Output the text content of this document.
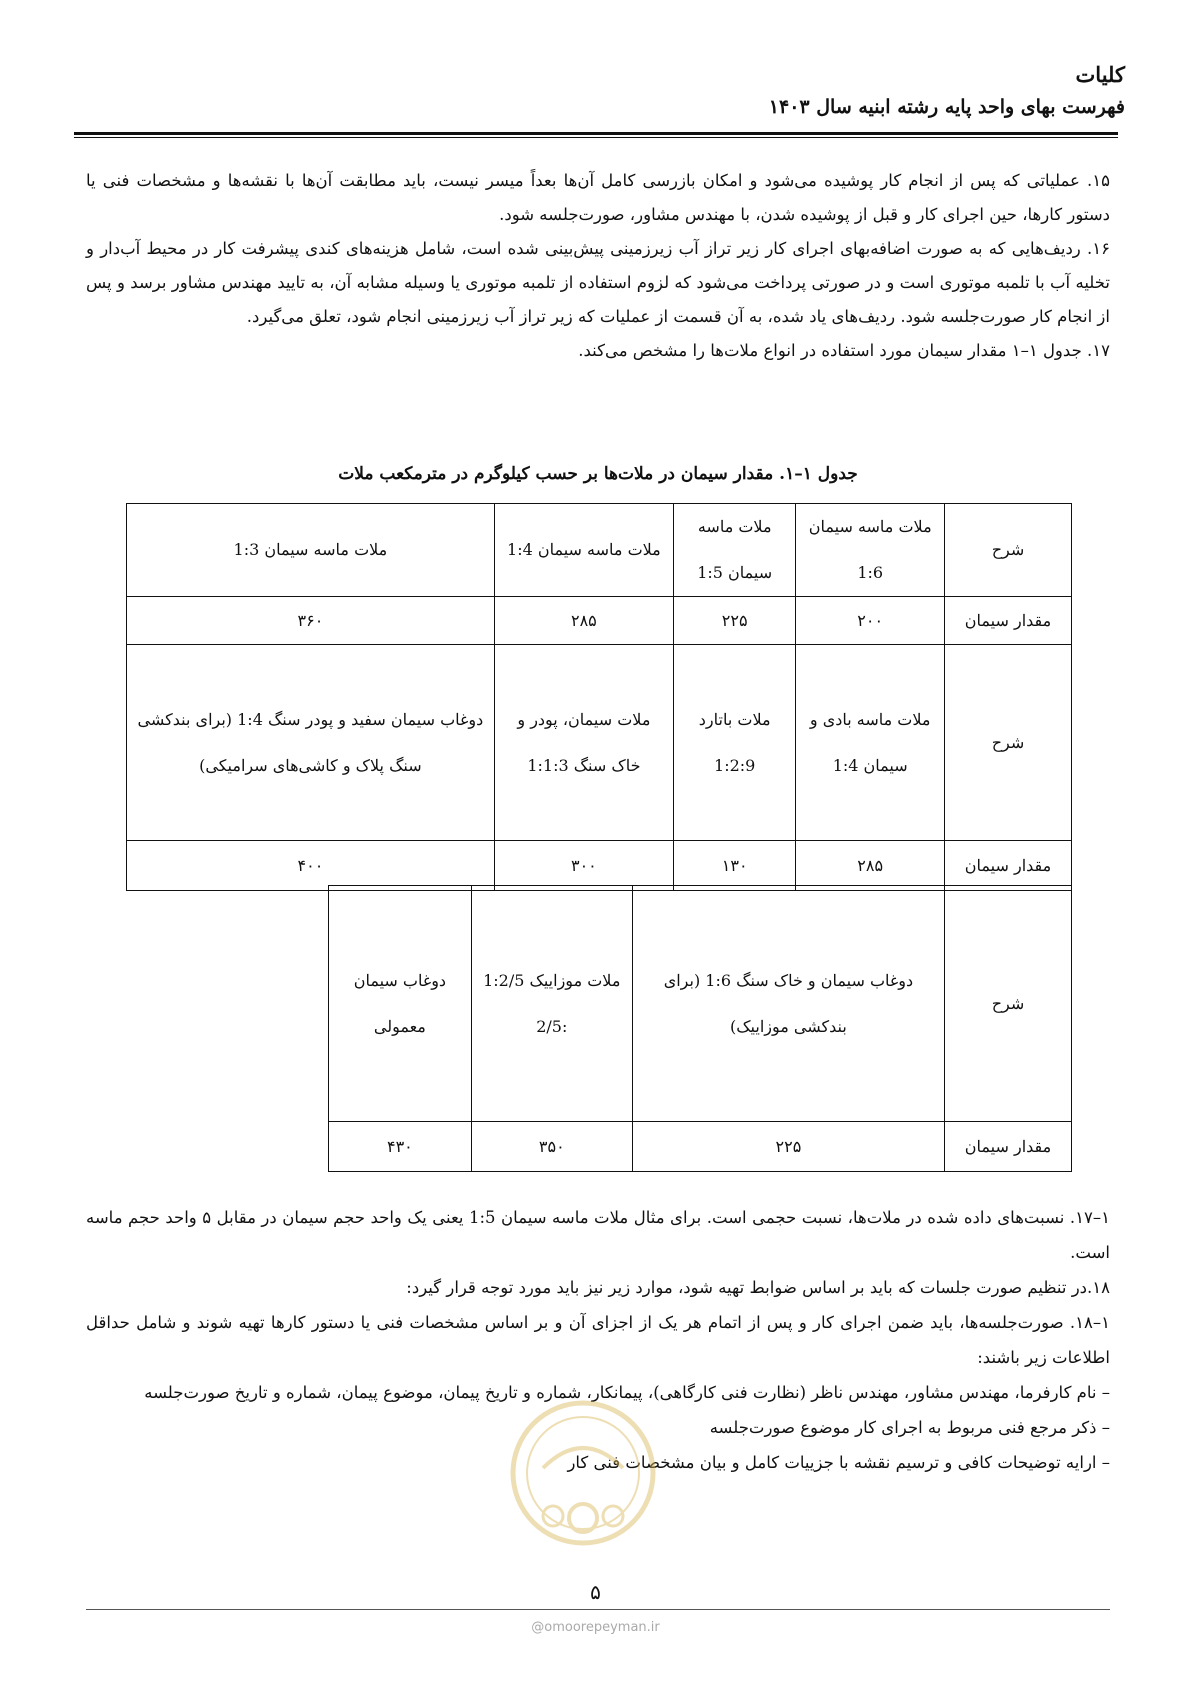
کلیات
فهرست بهای واحد پایه رشته ابنیه سال ۱۴۰۳

۱۵. عملیاتی که پس از انجام کار پوشیده می‌شود و امکان بازرسی کامل آن‌ها بعداً میسر نیست، باید مطابقت آن‌ها با نقشه‌ها و مشخصات فنی یا دستور کارها، حین اجرای کار و قبل از پوشیده شدن، با مهندس مشاور، صورت‌جلسه شود.

۱۶. ردیف‌هایی که به صورت اضافه‌بهای اجرای کار زیر تراز آب زیرزمینی پیش‌بینی شده است، شامل هزینه‌های کندی پیشرفت کار در محیط آب‌دار و تخلیه آب با تلمبه موتوری است و در صورتی پرداخت می‌شود که لزوم استفاده از تلمبه موتوری یا وسیله مشابه آن، به تایید مهندس مشاور برسد و پس از انجام کار صورت‌جلسه شود. ردیف‌های یاد شده، به آن قسمت از عملیات که زیر تراز آب زیرزمینی انجام شود، تعلق می‌گیرد.

۱۷. جدول ۱–۱ مقدار سیمان مورد استفاده در انواع ملات‌ها را مشخص می‌کند.

جدول ۱–۱. مقدار سیمان در ملات‌ها بر حسب کیلوگرم در مترمکعب ملات
شرح	ملات ماسه سیمان 1:6	ملات ماسه سیمان 1:5	ملات ماسه سیمان 1:4	ملات ماسه سیمان 1:3
مقدار سیمان	۲۰۰	۲۲۵	۲۸۵	۳۶۰
شرح	ملات ماسه بادی و سیمان 1:4	ملات باتارد 1:2:9	ملات سیمان، پودر و خاک سنگ 1:1:3	دوغاب سیمان سفید و پودر سنگ 1:4 (برای بندکشی سنگ پلاک و کاشی‌های سرامیکی)
مقدار سیمان	۲۸۵	۱۳۰	۳۰۰	۴۰۰
شرح	دوغاب سیمان و خاک سنگ 1:6 (برای بندکشی موزاییک)	ملات موزاییک 1:2/5 :2/5	دوغاب سیمان معمولی
مقدار سیمان	۲۲۵	۳۵۰	۴۳۰

۱–۱۷. نسبت‌های داده شده در ملات‌ها، نسبت حجمی است. برای مثال ملات ماسه سیمان 1:5 یعنی یک واحد حجم سیمان در مقابل ۵ واحد حجم ماسه است.

۱۸.در تنظیم صورت جلسات که باید بر اساس ضوابط تهیه شود، موارد زیر نیز باید مورد توجه قرار گیرد:

۱–۱۸. صورت‌جلسه‌ها، باید ضمن اجرای کار و پس از اتمام هر یک از اجزای آن و بر اساس مشخصات فنی یا دستور کارها تهیه شوند و شامل حداقل اطلاعات زیر باشند:

– نام کارفرما، مهندس مشاور، مهندس ناظر (نظارت فنی کارگاهی)، پیمانکار، شماره و تاریخ پیمان، موضوع پیمان، شماره و تاریخ صورت‌جلسه

– ذکر مرجع فنی مربوط به اجرای کار موضوع صورت‌جلسه

– ارایه توضیحات کافی و ترسیم نقشه با جزییات کامل و بیان مشخصات فنی کار

۵
@omoorepeyman.ir
